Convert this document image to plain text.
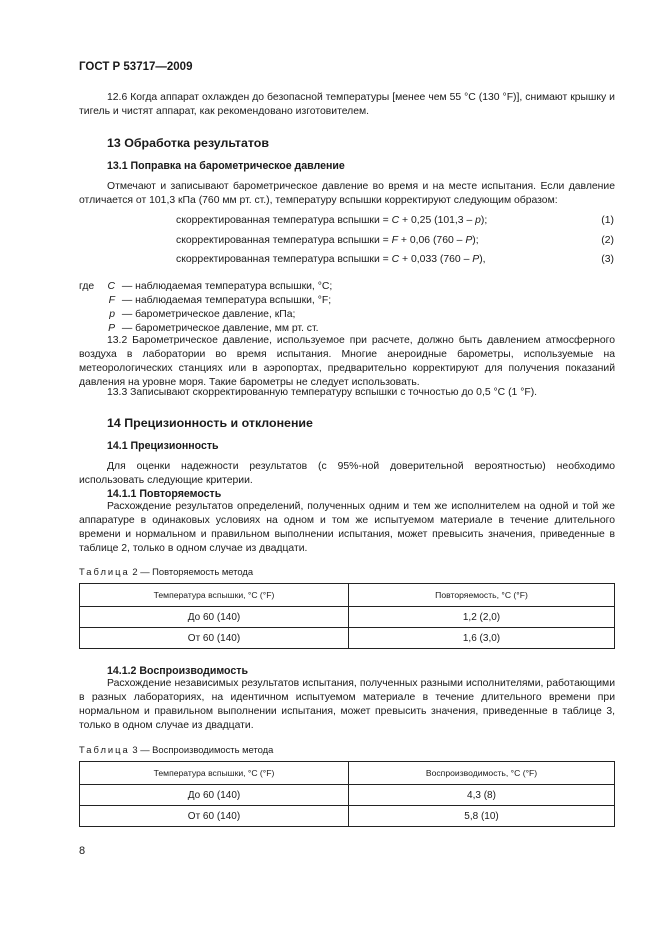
ГОСТ Р 53717—2009
12.6 Когда аппарат охлажден до безопасной температуры [менее чем 55 °С (130 °F)], снимают крышку и тигель и чистят аппарат, как рекомендовано изготовителем.
13 Обработка результатов
13.1 Поправка на барометрическое давление
Отмечают и записывают барометрическое давление во время и на месте испытания. Если давление отличается от 101,3 кПа (760 мм рт. ст.), температуру вспышки корректируют следующим образом:
скорректированная температура вспышки = C + 0,25 (101,3 – p);	(1)
скорректированная температура вспышки = F + 0,06 (760 – P);	(2)
скорректированная температура вспышки = C + 0,033 (760 – P),	(3)
где C — наблюдаемая температура вспышки, °С;
F — наблюдаемая температура вспышки, °F;
p — барометрическое давление, кПа;
P — барометрическое давление, мм рт. ст.
13.2 Барометрическое давление, используемое при расчете, должно быть давлением атмосферного воздуха в лаборатории во время испытания. Многие анероидные барометры, используемые на метеорологических станциях или в аэропортах, предварительно корректируют для получения показаний давления на уровне моря. Такие барометры не следует использовать.
13.3 Записывают скорректированную температуру вспышки с точностью до 0,5 °С (1 °F).
14 Прецизионность и отклонение
14.1 Прецизионность
Для оценки надежности результатов (с 95%-ной доверительной вероятностью) необходимо использовать следующие критерии.
14.1.1 Повторяемость
Расхождение результатов определений, полученных одним и тем же исполнителем на одной и той же аппаратуре в одинаковых условиях на одном и том же испытуемом материале в течение длительного времени и нормальном и правильном выполнении испытания, может превысить значения, приведенные в таблице 2, только в одном случае из двадцати.
Таблица 2 — Повторяемость метода
Температура вспышки, °С (°F)	Повторяемость, °С (°F)
До 60 (140)	1,2 (2,0)
От 60 (140)	1,6 (3,0)
14.1.2 Воспроизводимость
Расхождение независимых результатов испытания, полученных разными исполнителями, работающими в разных лабораториях, на идентичном испытуемом материале в течение длительного времени при нормальном и правильном выполнении испытания, может превысить значения, приведенные в таблице 3, только в одном случае из двадцати.
Таблица 3 — Воспроизводимость метода
Температура вспышки, °С (°F)	Воспроизводимость, °С (°F)
До 60 (140)	4,3 (8)
От 60 (140)	5,8 (10)
8
